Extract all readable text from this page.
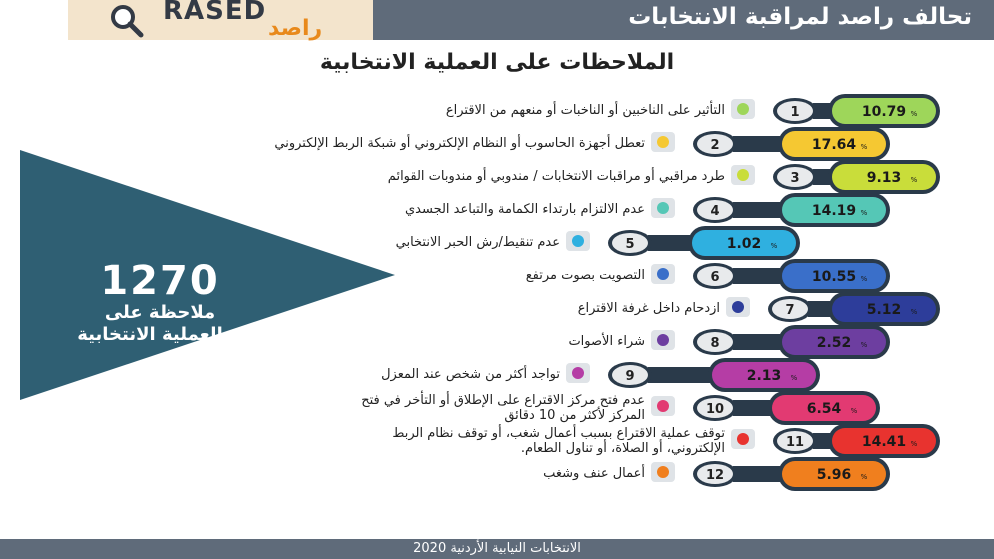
RASED
راصد	تحالف راصد لمراقبة الانتخابات
الملاحظات على العملية الانتخابية
10.79 %
1
17.64 %
2
9.13 %
3
14.19 %
4
1.02 %
5
10.55 %
6
5.12 %
7
2.52 %
8
2.13 %
9
6.54 %
10
14.41 %
11
5.96 %
12
1270
ملاحظة على
العملية الانتخابية
التأثير على الناخبين أو الناخبات أو منعهم من الاقتراع
تعطل أجهزة الحاسوب أو النظام الإلكتروني أو شبكة الربط الإلكتروني
طرد مراقبي أو مراقبات الانتخابات / مندوبي أو مندوبات القوائم
عدم الالتزام بارتداء الكمامة والتباعد الجسدي
عدم تنقيط/رش الحبر الانتخابي
التصويت بصوت مرتفع
ازدحام داخل غرفة الاقتراع
شراء الأصوات
تواجد أكثر من شخص عند المعزل
عدم فتح مركز الاقتراع على الإطلاق أو التأخر في فتح
المركز لأكثر من 10 دقائق
توقف عملية الاقتراع بسبب أعمال شغب، أو توقف نظام الربط
الإلكتروني، أو الصلاة، أو تناول الطعام.
أعمال عنف وشغب
الانتخابات النيابية الأردنية 2020
